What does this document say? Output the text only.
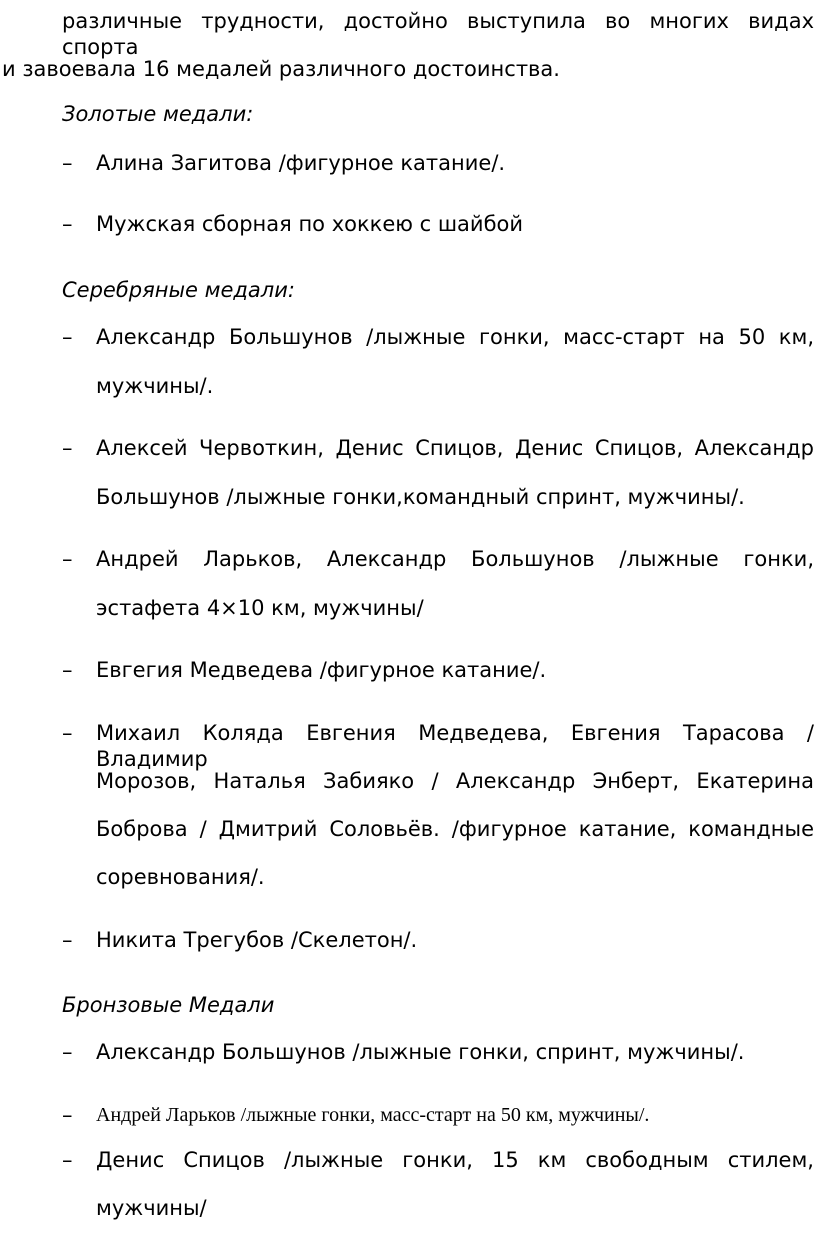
различные трудности, достойно выступила во многих видах спорта
и завоевала 16 медалей различного достоинства.
Золотые медали:
– Алина Загитова /фигурное катание/.
– Мужская сборная по хоккею с шайбой
Серебряные медали:
– Александр Большунов /лыжные гонки, масс-старт на 50 км,
мужчины/.
– Алексей Червоткин, Денис Спицов, Денис Спицов, Александр
Большунов /лыжные гонки,командный спринт, мужчины/.
– Андрей Ларьков, Александр Большунов /лыжные гонки,
эстафета 4×10 км, мужчины/
– Евгегия Медведева /фигурное катание/.
– Михаил Коляда Евгения Медведева, Евгения Тарасова / Владимир
Морозов, Наталья Забияко / Александр Энберт, Екатерина
Боброва / Дмитрий Соловьёв. /фигурное катание, командные
соревнования/.
– Никита Трегубов /Скелетон/.
Бронзовые Медали
– Александр Большунов /лыжные гонки, спринт, мужчины/.
– Андрей Ларьков /лыжные гонки, масс-старт на 50 км, мужчины/.
– Денис Спицов /лыжные гонки, 15 км свободным стилем,
мужчины/
